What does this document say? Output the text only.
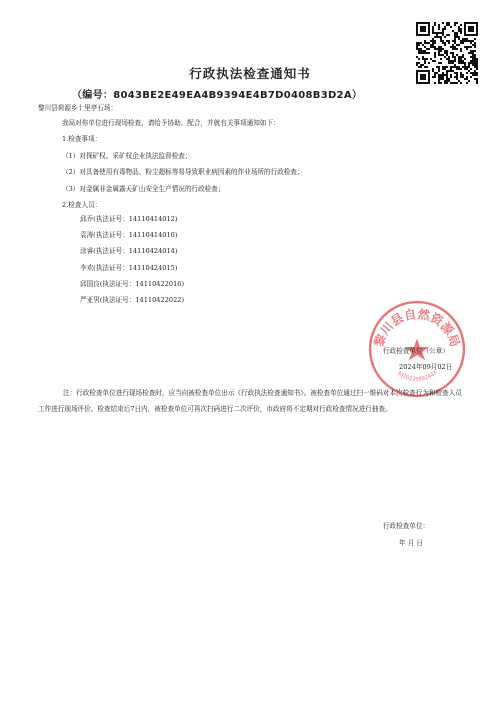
行政执法检查通知书
（编号：8043BE2E49EA4B9394E4B7D0408B3D2A）
黎川县荷源乡十里亭石场：
我局对你单位进行现场检查，请给予协助、配合，并就有关事项通知如下：
1.检查事项：
（1）对探矿权、采矿权企业执法监督检查；
（2）对具备使用有毒物品、粉尘超标等易导致职业病因素的作业场所的行政检查；
（3）对金属非金属露天矿山安全生产情况的行政检查；
2.检查人员：
邱乔(执法证号：14110414012)
袁涛(执法证号：14110414010)
涂睿(执法证号：14110424014)
李欢(执法证号：14110424015)
邱国良(执法证号：14110422016)
严亚男(执法证号：14110422022)
黎川县自然资源局
3610220002443
行政检查单位（公章）
2024年09月02日
注：行政检查单位进行现场检查时，应当向被检查单位出示《行政执法检查通知书》。被检查单位通过扫一维码对本次检查行为和检查人员工作进行现场评价。检查结束后7日内，被检查单位可再次扫码进行二次评价，市政府将不定期对行政检查情况进行抽查。
行政检查单位：
年 月 日
